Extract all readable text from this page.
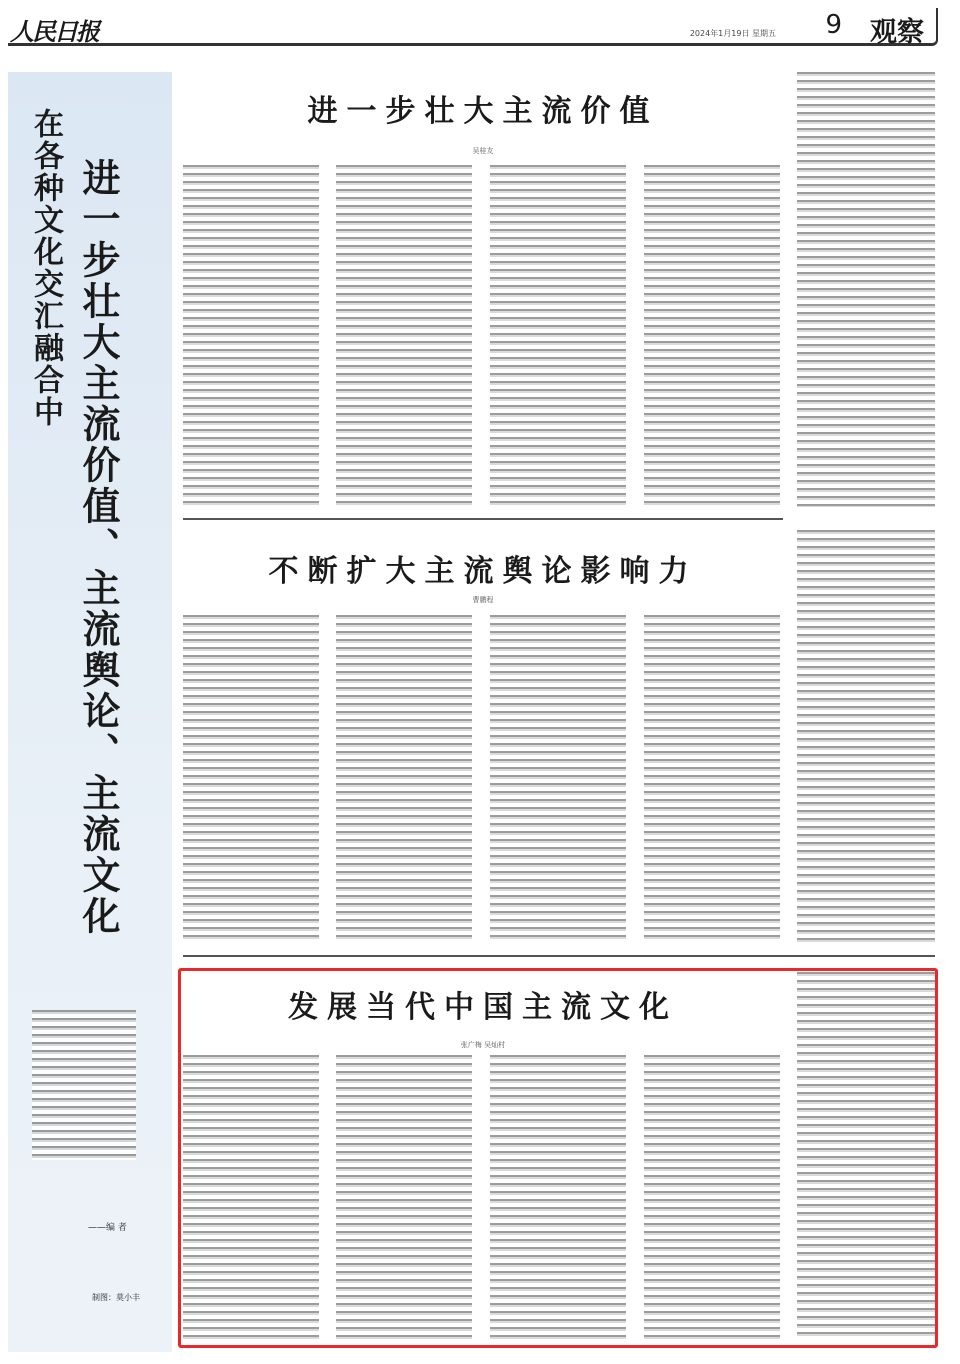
人民日报	2024年1月19日 星期五 9 观察
在各种文化交汇融合中 进一步壮大主流价值、主流舆论、主流文化
——编 者
制图：莫小丰
进一步壮大主流价值
吴桂友
不断扩大主流舆论影响力
曹鹏程
发展当代中国主流文化
张广梅 吴灿村
